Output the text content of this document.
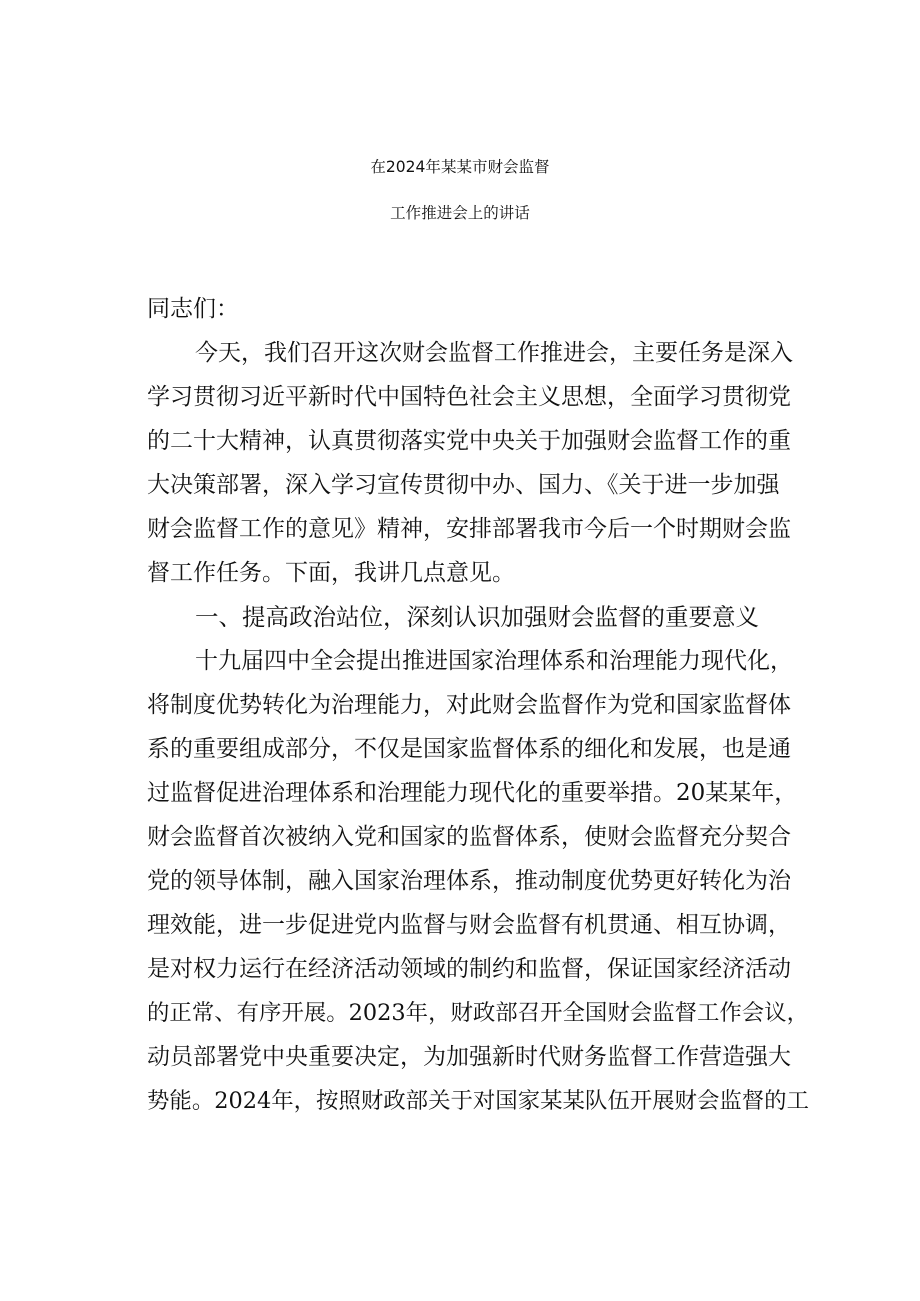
在2024年某某市财会监督
工作推进会上的讲话
同志们：
今天，我们召开这次财会监督工作推进会，主要任务是深入
学习贯彻习近平新时代中国特色社会主义思想，全面学习贯彻党
的二十大精神，认真贯彻落实党中央关于加强财会监督工作的重
大决策部署，深入学习宣传贯彻中办、国力、《关于进一步加强
财会监督工作的意见》精神，安排部署我市今后一个时期财会监
督工作任务。下面，我讲几点意见。
一、提高政治站位，深刻认识加强财会监督的重要意义
十九届四中全会提出推进国家治理体系和治理能力现代化，
将制度优势转化为治理能力，对此财会监督作为党和国家监督体
系的重要组成部分，不仅是国家监督体系的细化和发展，也是通
过监督促进治理体系和治理能力现代化的重要举措。20某某年，
财会监督首次被纳入党和国家的监督体系，使财会监督充分契合
党的领导体制，融入国家治理体系，推动制度优势更好转化为治
理效能，进一步促进党内监督与财会监督有机贯通、相互协调，
是对权力运行在经济活动领域的制约和监督，保证国家经济活动
的正常、有序开展。2023年，财政部召开全国财会监督工作会议，
动员部署党中央重要决定，为加强新时代财务监督工作营造强大
势能。2024年，按照财政部关于对国家某某队伍开展财会监督的工
